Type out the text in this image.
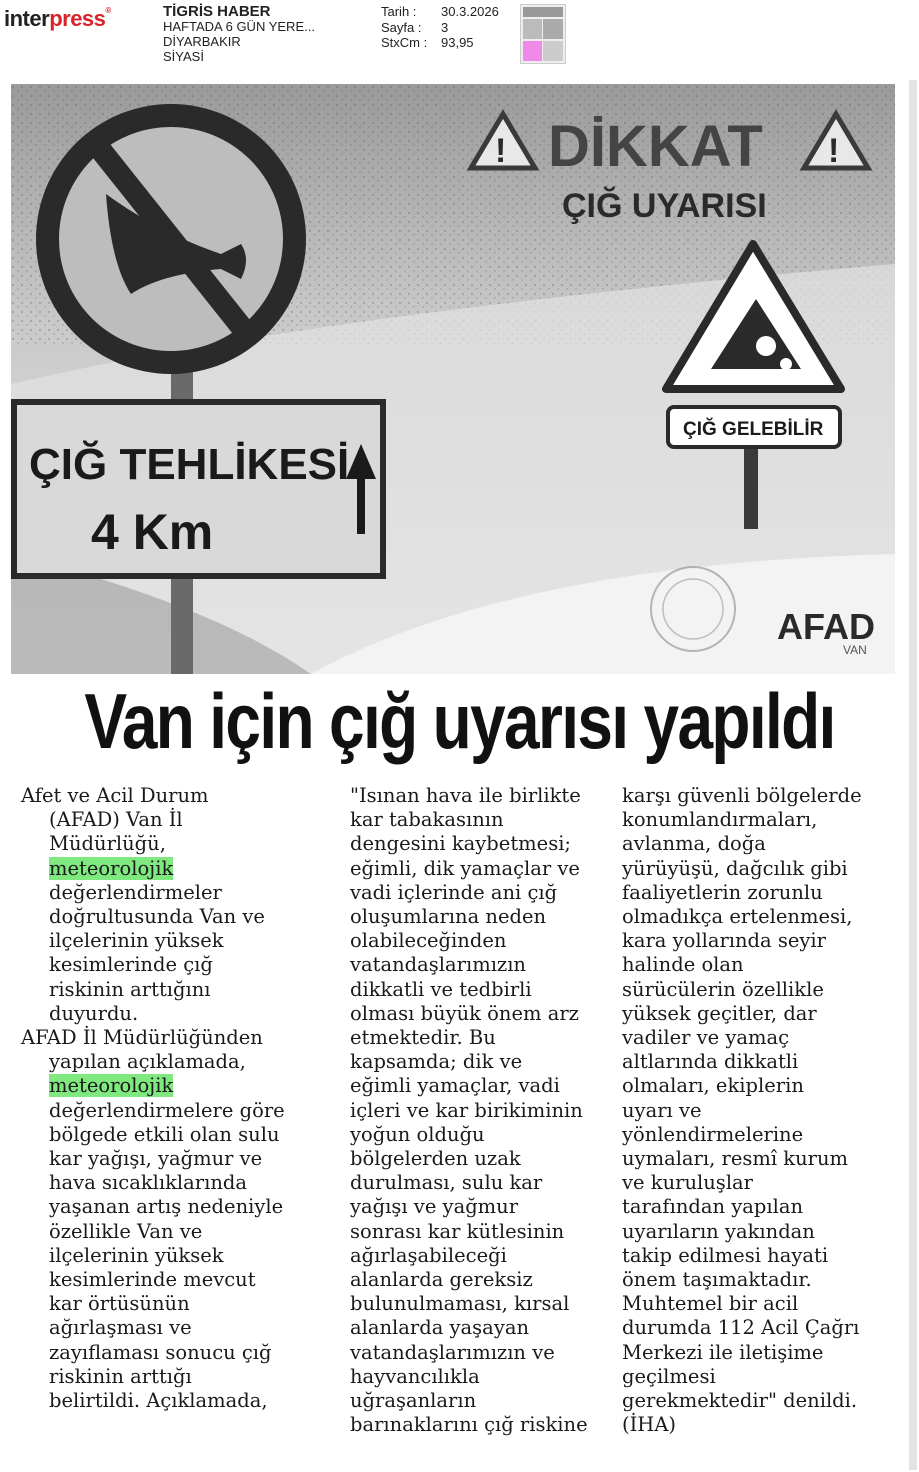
interpress®	TİGRİS HABER
HAFTADA 6 GÜN YERE...
DİYARBAKIR
SİYASİ
Tarih :	30.3.2026
Sayfa :	3
StxCm :	93,95
ÇIĞ TEHLİKESİ
4 Km
!	!
DİKKAT
ÇIĞ UYARISI
ÇIĞ GELEBİLİR
AFAD
VAN
Van için çığ uyarısı yapıldı
Afet ve Acil Durum
(AFAD) Van İl
Müdürlüğü,
meteorolojik
değerlendirmeler
doğrultusunda Van ve
ilçelerinin yüksek
kesimlerinde çığ
riskinin arttığını
duyurdu.
AFAD İl Müdürlüğünden
yapılan açıklamada,
meteorolojik
değerlendirmelere göre
bölgede etkili olan sulu
kar yağışı, yağmur ve
hava sıcaklıklarında
yaşanan artış nedeniyle
özellikle Van ve
ilçelerinin yüksek
kesimlerinde mevcut
kar örtüsünün
ağırlaşması ve
zayıflaması sonucu çığ
riskinin arttığı
belirtildi. Açıklamada,
"Isınan hava ile birlikte
kar tabakasının
dengesini kaybetmesi;
eğimli, dik yamaçlar ve
vadi içlerinde ani çığ
oluşumlarına neden
olabileceğinden
vatandaşlarımızın
dikkatli ve tedbirli
olması büyük önem arz
etmektedir. Bu
kapsamda; dik ve
eğimli yamaçlar, vadi
içleri ve kar birikiminin
yoğun olduğu
bölgelerden uzak
durulması, sulu kar
yağışı ve yağmur
sonrası kar kütlesinin
ağırlaşabileceği
alanlarda gereksiz
bulunulmaması, kırsal
alanlarda yaşayan
vatandaşlarımızın ve
hayvancılıkla
uğraşanların
barınaklarını çığ riskine
karşı güvenli bölgelerde
konumlandırmaları,
avlanma, doğa
yürüyüşü, dağcılık gibi
faaliyetlerin zorunlu
olmadıkça ertelenmesi,
kara yollarında seyir
halinde olan
sürücülerin özellikle
yüksek geçitler, dar
vadiler ve yamaç
altlarında dikkatli
olmaları, ekiplerin
uyarı ve
yönlendirmelerine
uymaları, resmî kurum
ve kuruluşlar
tarafından yapılan
uyarıların yakından
takip edilmesi hayati
önem taşımaktadır.
Muhtemel bir acil
durumda 112 Acil Çağrı
Merkezi ile iletişime
geçilmesi
gerekmektedir" denildi.
(İHA)
